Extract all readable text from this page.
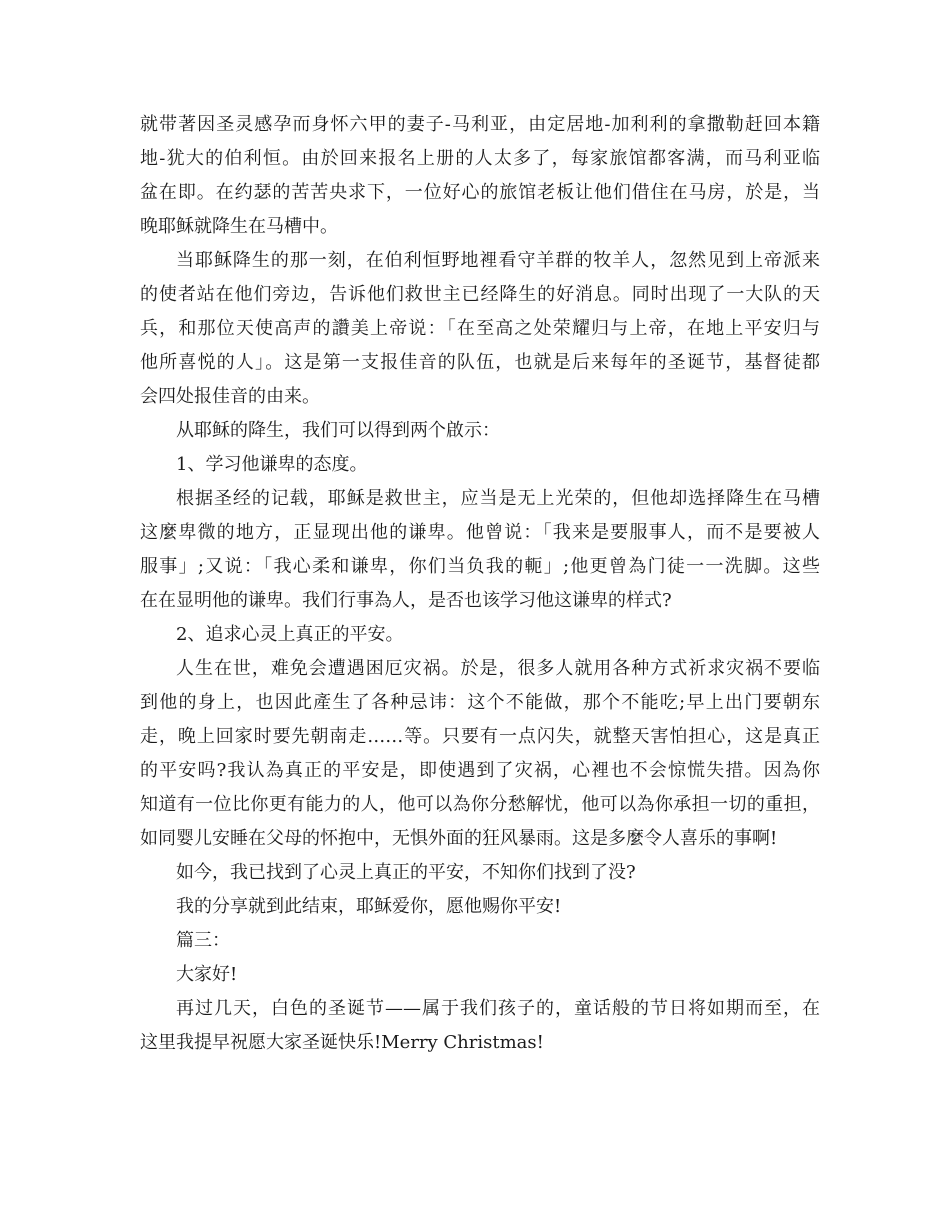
就带著因圣灵感孕而身怀六甲的妻子-马利亚，由定居地-加利利的拿撒勒赶回本籍
地-犹大的伯利恒。由於回来报名上册的人太多了，每家旅馆都客满，而马利亚临
盆在即。在约瑟的苦苦央求下，一位好心的旅馆老板让他们借住在马房，於是，当
晚耶稣就降生在马槽中。
当耶稣降生的那一刻，在伯利恒野地裡看守羊群的牧羊人，忽然见到上帝派来
的使者站在他们旁边，告诉他们救世主已经降生的好消息。同时出现了一大队的天
兵，和那位天使高声的讚美上帝说：「在至高之处荣耀归与上帝，在地上平安归与
他所喜悦的人」。这是第一支报佳音的队伍，也就是后来每年的圣诞节，基督徒都
会四处报佳音的由来。
从耶稣的降生，我们可以得到两个啟示：
1、学习他谦卑的态度。
根据圣经的记载，耶稣是救世主，应当是无上光荣的，但他却选择降生在马槽
这麼卑微的地方，正显现出他的谦卑。他曾说：「我来是要服事人，而不是要被人
服事」;又说：「我心柔和谦卑，你们当负我的軛」;他更曾為门徒一一洗脚。这些
在在显明他的谦卑。我们行事為人，是否也该学习他这谦卑的样式?
2、追求心灵上真正的平安。
人生在世，难免会遭遇困厄灾祸。於是，很多人就用各种方式祈求灾祸不要临
到他的身上，也因此產生了各种忌讳：这个不能做，那个不能吃;早上出门要朝东
走，晚上回家时要先朝南走……等。只要有一点闪失，就整天害怕担心，这是真正
的平安吗?我认為真正的平安是，即使遇到了灾祸，心裡也不会惊慌失措。因為你
知道有一位比你更有能力的人，他可以為你分愁解忧，他可以為你承担一切的重担，
如同婴儿安睡在父母的怀抱中，无惧外面的狂风暴雨。这是多麼令人喜乐的事啊!
如今，我已找到了心灵上真正的平安，不知你们找到了没?
我的分享就到此结束，耶稣爱你，愿他赐你平安!
篇三：
大家好!
再过几天，白色的圣诞节——属于我们孩子的，童话般的节日将如期而至，在
这里我提早祝愿大家圣诞快乐!Merry Christmas!
